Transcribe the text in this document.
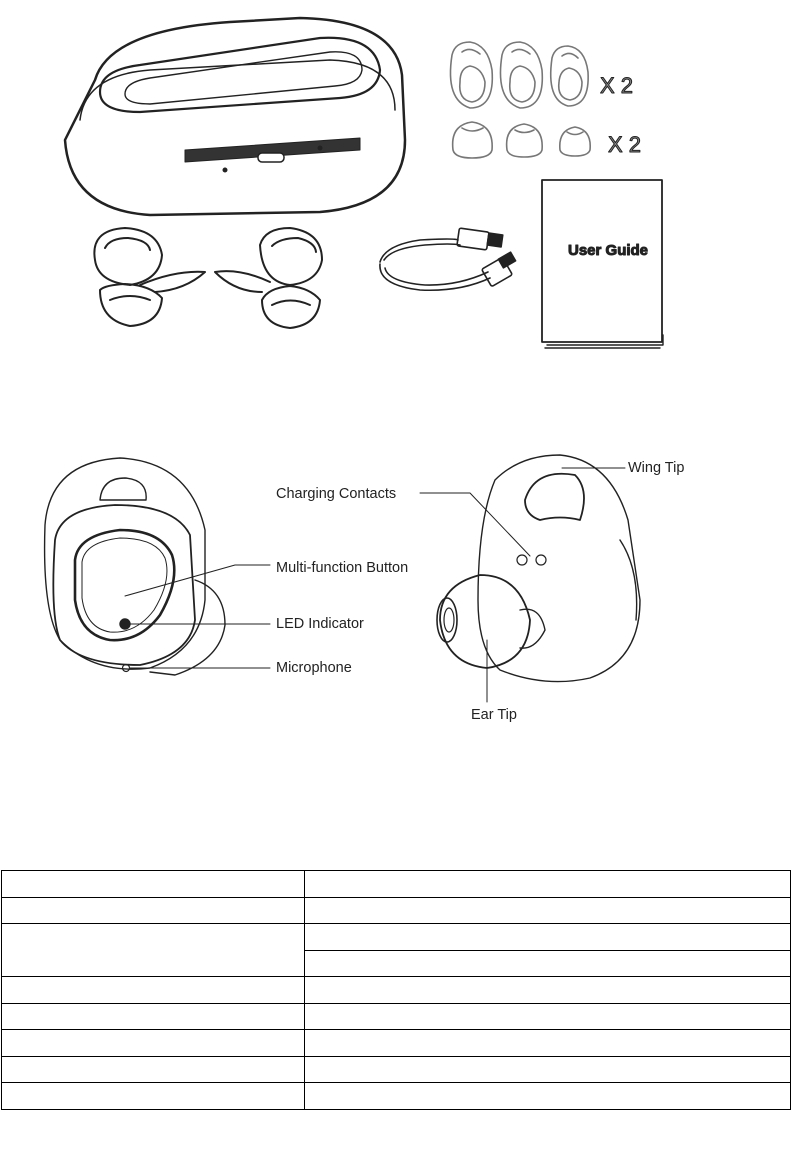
X 2
X 2
User Guide
Wing Tip
Charging Contacts
Multi-function Button
LED Indicator
Microphone
Ear Tip
